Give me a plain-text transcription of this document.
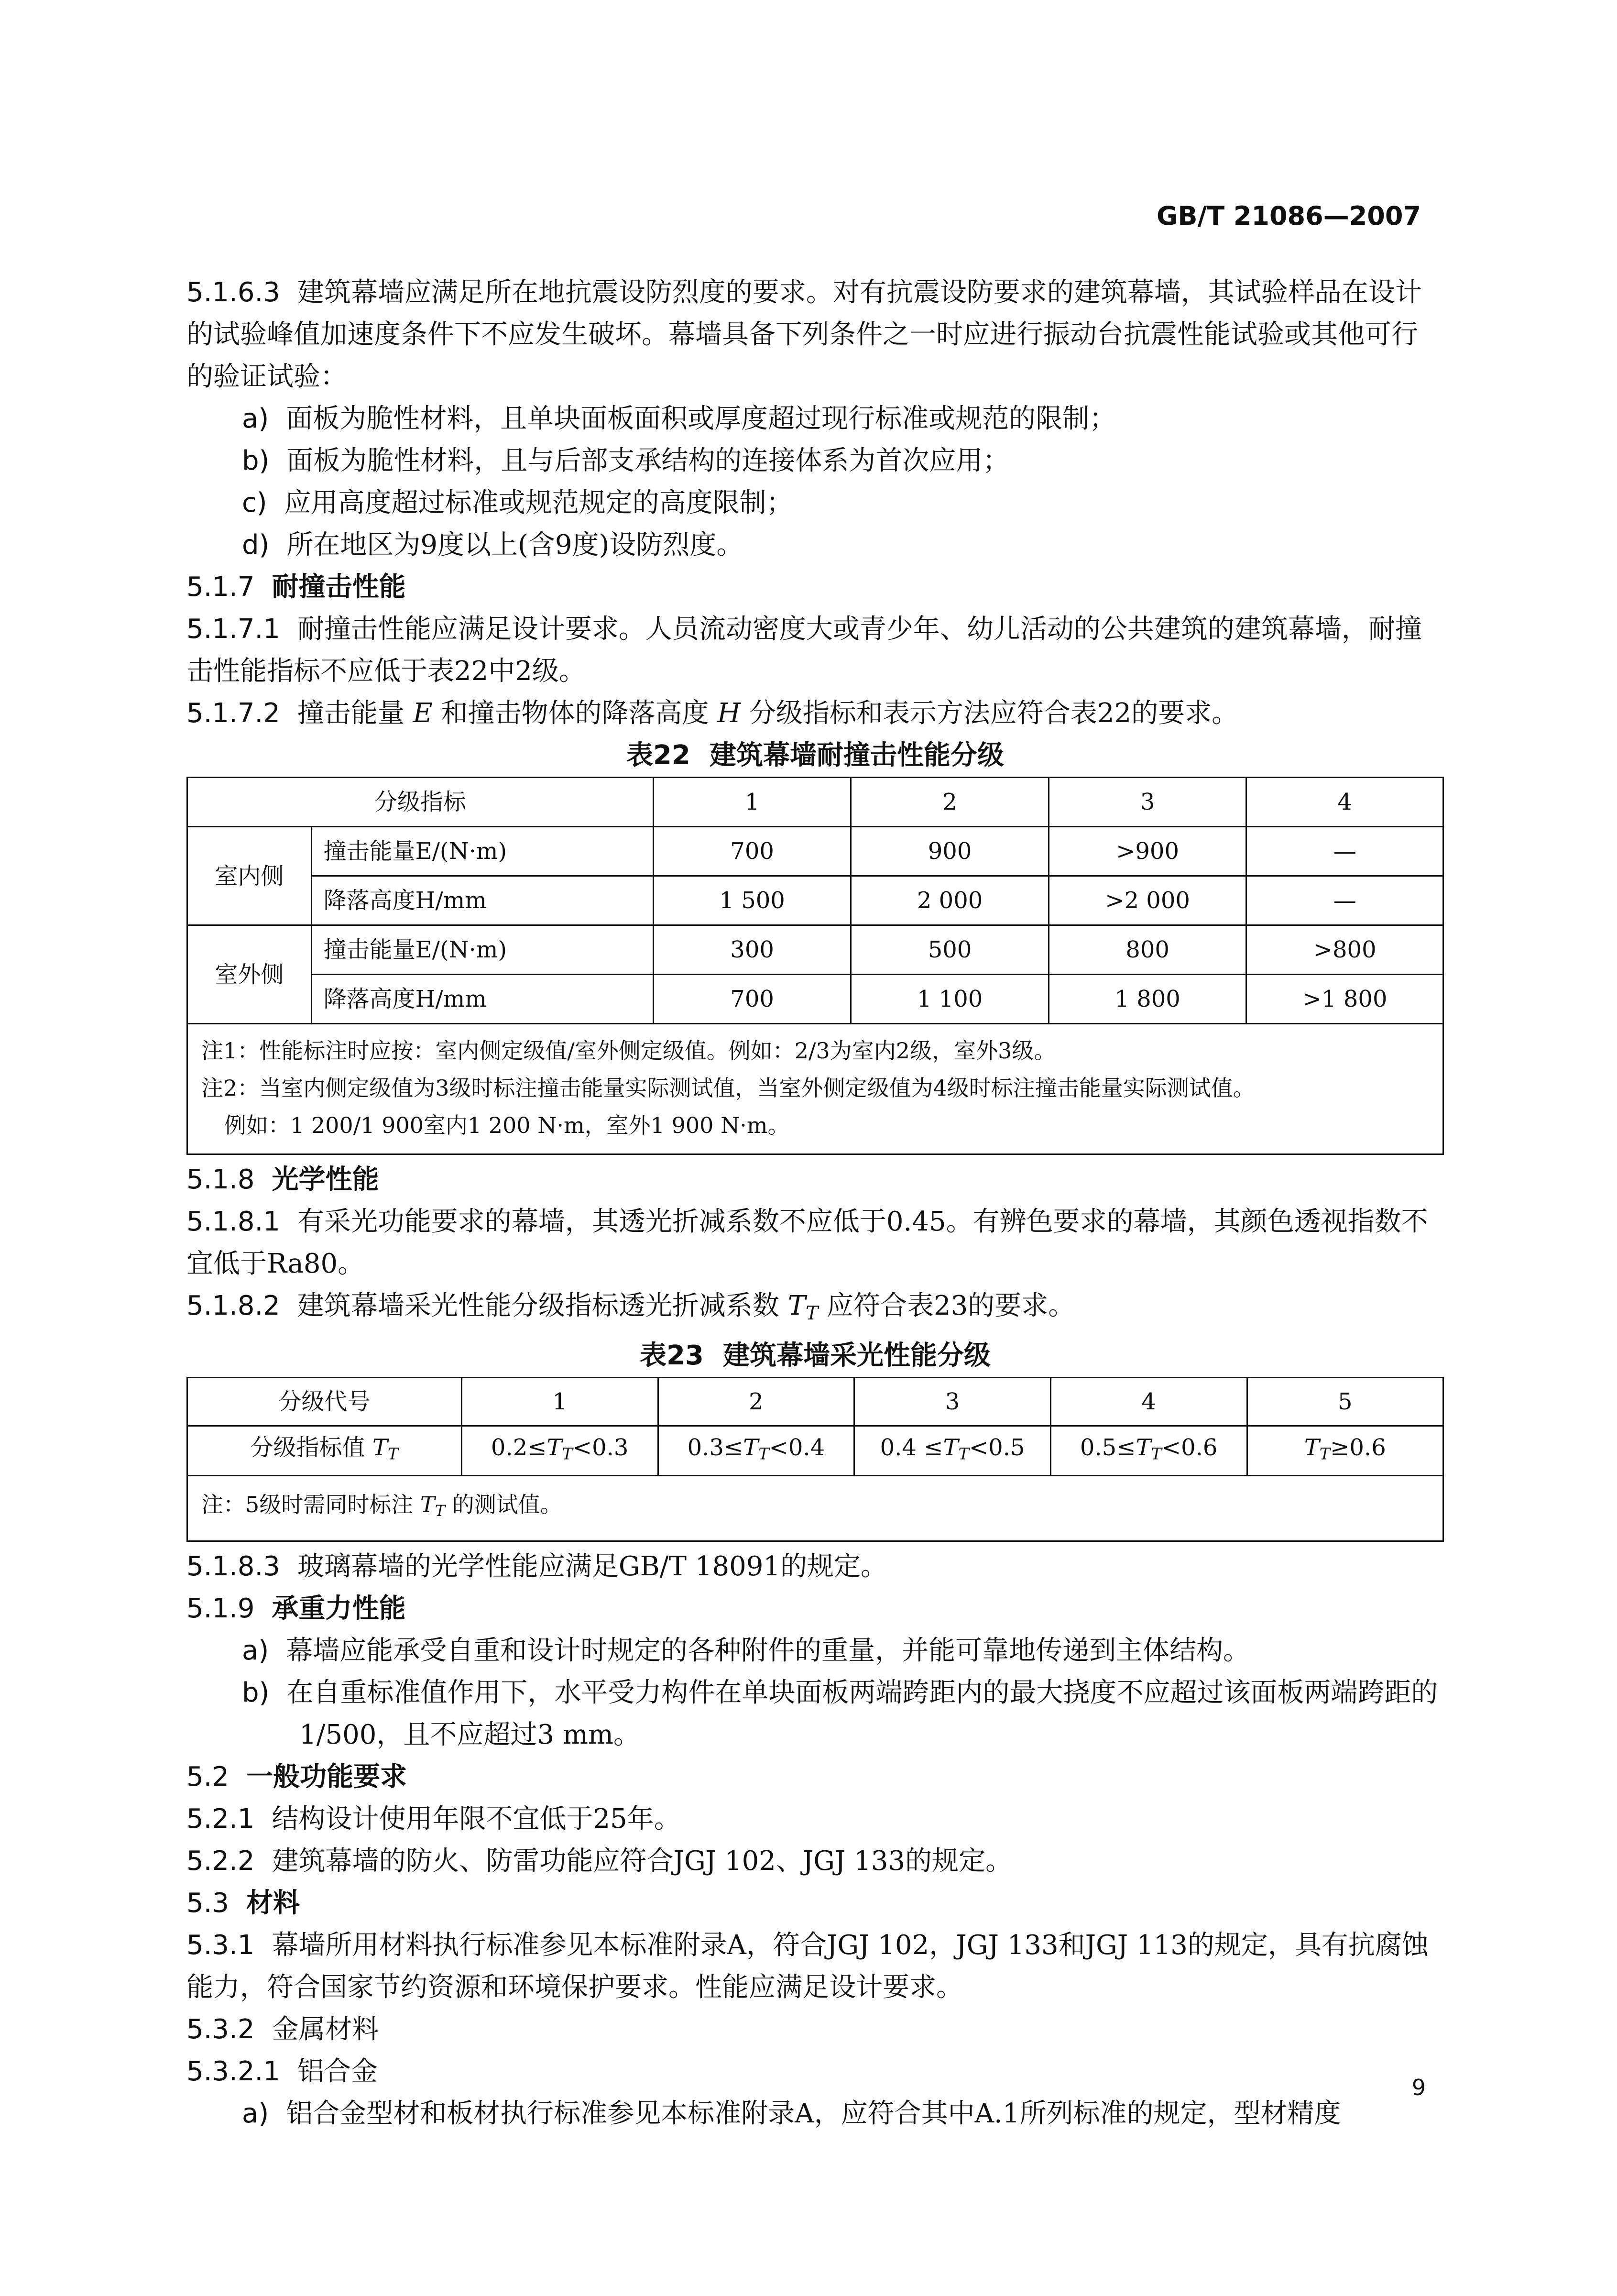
GB/T 21086—2007

5.1.6.3 建筑幕墙应满足所在地抗震设防烈度的要求。对有抗震设防要求的建筑幕墙，其试验样品在设计的试验峰值加速度条件下不应发生破坏。幕墙具备下列条件之一时应进行振动台抗震性能试验或其他可行的验证试验：

a) 面板为脆性材料，且单块面板面积或厚度超过现行标准或规范的限制；

b) 面板为脆性材料，且与后部支承结构的连接体系为首次应用；

c) 应用高度超过标准或规范规定的高度限制；

d) 所在地区为9度以上(含9度)设防烈度。

5.1.7 耐撞击性能

5.1.7.1 耐撞击性能应满足设计要求。人员流动密度大或青少年、幼儿活动的公共建筑的建筑幕墙，耐撞击性能指标不应低于表22中2级。

5.1.7.2 撞击能量 E 和撞击物体的降落高度 H 分级指标和表示方法应符合表22的要求。

表22 建筑幕墙耐撞击性能分级
分级指标		1	2	3	4
室内侧	撞击能量E/(N·m)	700	900	>900	—
	降落高度H/mm	1 500	2 000	>2 000	—
室外侧	撞击能量E/(N·m)	300	500	800	>800
	降落高度H/mm	700	1 100	1 800	>1 800

注1：性能标注时应按：室内侧定级值/室外侧定级值。例如：2/3为室内2级，室外3级。

注2：当室内侧定级值为3级时标注撞击能量实际测试值，当室外侧定级值为4级时标注撞击能量实际测试值。

例如：1 200/1 900室内1 200 N·m，室外1 900 N·m。					

5.1.8 光学性能

5.1.8.1 有采光功能要求的幕墙，其透光折减系数不应低于0.45。有辨色要求的幕墙，其颜色透视指数不宜低于Ra80。

5.1.8.2 建筑幕墙采光性能分级指标透光折减系数 $T_T$ 应符合表23的要求。

表23 建筑幕墙采光性能分级
分级代号	1	2	3	4	5
分级指标值 $T_T$	$0.2\le T_T<0.3$	$0.3\le T_T<0.4$	$0.4 \le T_T<0.5$	$0.5\le T_T<0.6$	$T_T\ge 0.6$
注：5级时需同时标注 $T_T$ 的测试值。					

5.1.8.3 玻璃幕墙的光学性能应满足GB/T 18091的规定。

5.1.9 承重力性能

a) 幕墙应能承受自重和设计时规定的各种附件的重量，并能可靠地传递到主体结构。

b) 在自重标准值作用下，水平受力构件在单块面板两端跨距内的最大挠度不应超过该面板两端跨距的1/500，且不应超过3 mm。

5.2 一般功能要求

5.2.1 结构设计使用年限不宜低于25年。

5.2.2 建筑幕墙的防火、防雷功能应符合JGJ 102、JGJ 133的规定。

5.3 材料

5.3.1 幕墙所用材料执行标准参见本标准附录A，符合JGJ 102，JGJ 133和JGJ 113的规定，具有抗腐蚀能力，符合国家节约资源和环境保护要求。性能应满足设计要求。

5.3.2 金属材料

5.3.2.1 铝合金

a) 铝合金型材和板材执行标准参见本标准附录A，应符合其中A.1所列标准的规定，型材精度

9
